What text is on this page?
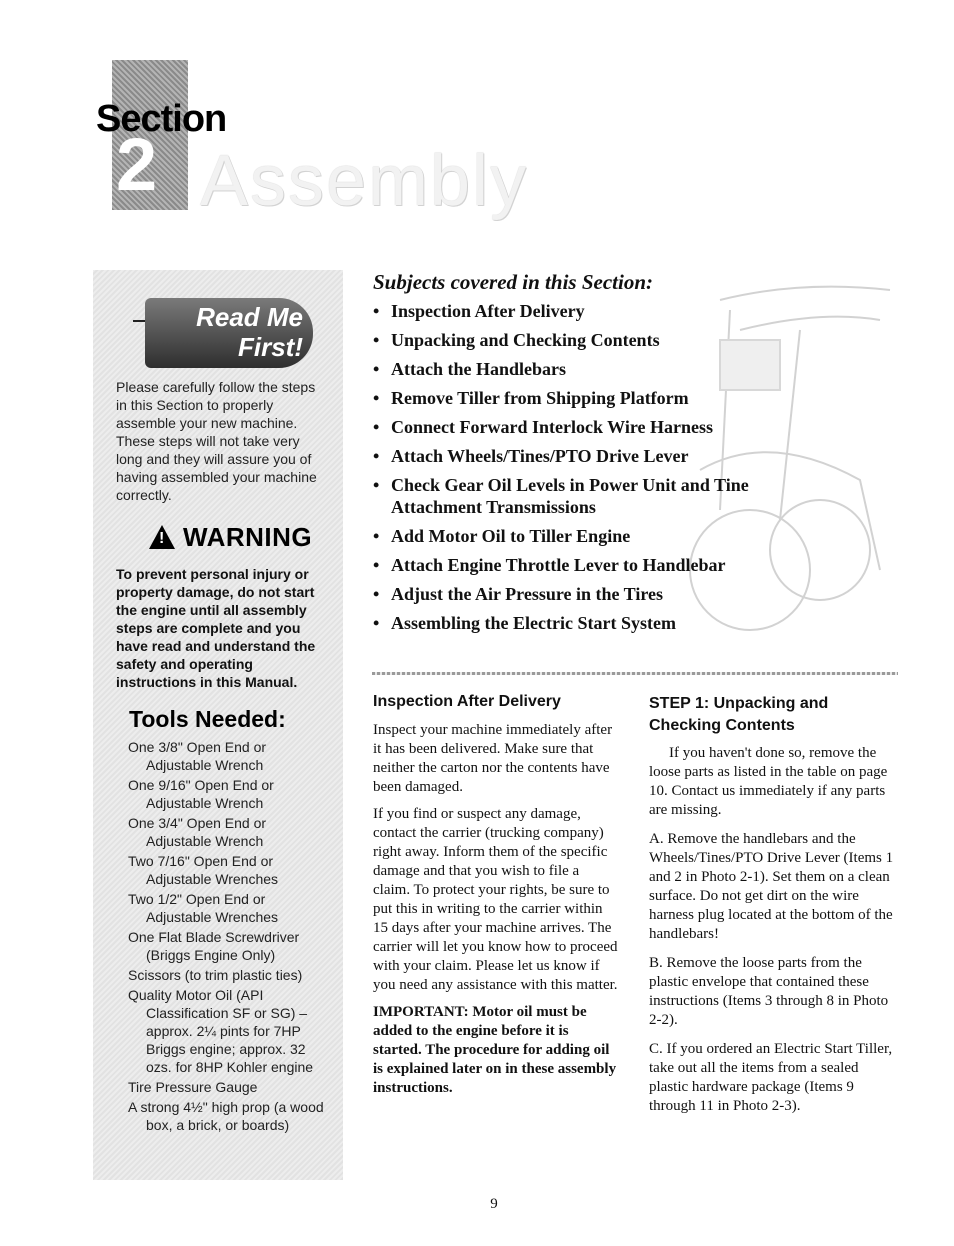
Section
2 Assembly
Read Me First!
Please carefully follow the steps in this Section to properly assemble your new machine. These steps will not take very long and they will assure you of having assembled your machine correctly.
! WARNING
To prevent personal injury or property damage, do not start the engine until all assembly steps are complete and you have read and understand the safety and operating instructions in this Manual.
Tools Needed:
One 3/8" Open End or Adjustable Wrench
One 9/16" Open End or Adjustable Wrench
One 3/4" Open End or Adjustable Wrench
Two 7/16" Open End or Adjustable Wrenches
Two 1/2" Open End or Adjustable Wrenches
One Flat Blade Screwdriver (Briggs Engine Only)
Scissors (to trim plastic ties)
Quality Motor Oil (API Classification SF or SG) – approx. 2¼ pints for 7HP Briggs engine; approx. 32 ozs. for 8HP Kohler engine
Tire Pressure Gauge
A strong 4½" high prop (a wood box, a brick, or boards)
Subjects covered in this Section:
• Inspection After Delivery
• Unpacking and Checking Contents
• Attach the Handlebars
• Remove Tiller from Shipping Platform
• Connect Forward Interlock Wire Harness
• Attach Wheels/Tines/PTO Drive Lever
• Check Gear Oil Levels in Power Unit and Tine Attachment Transmissions
• Add Motor Oil to Tiller Engine
• Attach Engine Throttle Lever to Handlebar
• Adjust the Air Pressure in the Tires
• Assembling the Electric Start System
Inspection After Delivery

Inspect your machine immediately after it has been delivered. Make sure that neither the carton nor the contents have been damaged.

If you find or suspect any damage, contact the carrier (trucking company) right away. Inform them of the specific damage and that you wish to file a claim. To protect your rights, be sure to put this in writing to the carrier within 15 days after your machine arrives. The carrier will let you know how to proceed with your claim. Please let us know if you need any assistance with this matter.

IMPORTANT: Motor oil must be added to the engine before it is started. The procedure for adding oil is explained later on in these assembly instructions.

STEP 1: Unpacking and Checking Contents

If you haven't done so, remove the loose parts as listed in the table on page 10. Contact us immediately if any parts are missing.

A. Remove the handlebars and the Wheels/Tines/PTO Drive Lever (Items 1 and 2 in Photo 2-1). Set them on a clean surface. Do not get dirt on the wire harness plug located at the bottom of the handlebars!

B. Remove the loose parts from the plastic envelope that contained these instructions (Items 3 through 8 in Photo 2-2).

C. If you ordered an Electric Start Tiller, take out all the items from a sealed plastic hardware package (Items 9 through 11 in Photo 2-3).

9
